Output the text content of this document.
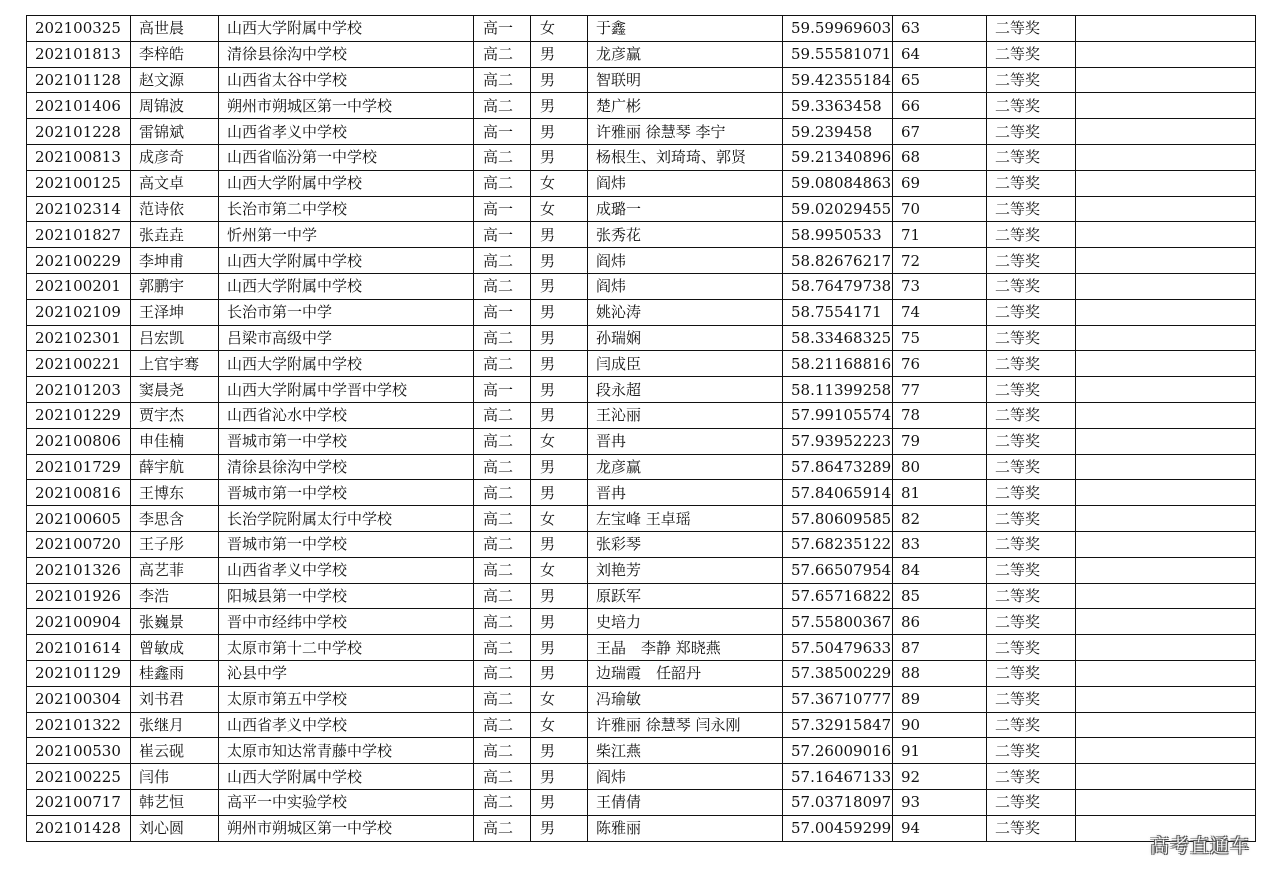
202100325	高世晨	山西大学附属中学校	高一	女	于鑫	59.59969603	63	二等奖	
202101813	李梓皓	清徐县徐沟中学校	高二	男	龙彦赢	59.55581071	64	二等奖	
202101128	赵文源	山西省太谷中学校	高二	男	智联明	59.42355184	65	二等奖	
202101406	周锦波	朔州市朔城区第一中学校	高二	男	楚广彬	59.3363458	66	二等奖	
202101228	雷锦斌	山西省孝义中学校	高一	男	许雅丽 徐慧琴 李宁	59.239458	67	二等奖	
202100813	成彦奇	山西省临汾第一中学校	高二	男	杨根生、刘琦琦、郭贤	59.21340896	68	二等奖	
202100125	高文卓	山西大学附属中学校	高二	女	阎炜	59.08084863	69	二等奖	
202102314	范诗依	长治市第二中学校	高一	女	成璐一	59.02029455	70	二等奖	
202101827	张垚垚	忻州第一中学	高一	男	张秀花	58.9950533	71	二等奖	
202100229	李坤甫	山西大学附属中学校	高二	男	阎炜	58.82676217	72	二等奖	
202100201	郭鹏宇	山西大学附属中学校	高二	男	阎炜	58.76479738	73	二等奖	
202102109	王泽坤	长治市第一中学	高一	男	姚沁涛	58.7554171	74	二等奖	
202102301	吕宏凯	吕梁市高级中学	高二	男	孙瑞娴	58.33468325	75	二等奖	
202100221	上官宇骞	山西大学附属中学校	高二	男	闫成臣	58.21168816	76	二等奖	
202101203	窦晨尧	山西大学附属中学晋中学校	高一	男	段永超	58.11399258	77	二等奖	
202101229	贾宇杰	山西省沁水中学校	高二	男	王沁丽	57.99105574	78	二等奖	
202100806	申佳楠	晋城市第一中学校	高二	女	晋冉	57.93952223	79	二等奖	
202101729	薛宇航	清徐县徐沟中学校	高二	男	龙彦赢	57.86473289	80	二等奖	
202100816	王博东	晋城市第一中学校	高二	男	晋冉	57.84065914	81	二等奖	
202100605	李思含	长治学院附属太行中学校	高二	女	左宝峰 王卓瑶	57.80609585	82	二等奖	
202100720	王子彤	晋城市第一中学校	高二	男	张彩琴	57.68235122	83	二等奖	
202101326	高艺菲	山西省孝义中学校	高二	女	刘艳芳	57.66507954	84	二等奖	
202101926	李浩	阳城县第一中学校	高二	男	原跃军	57.65716822	85	二等奖	
202100904	张巍景	晋中市经纬中学校	高二	男	史培力	57.55800367	86	二等奖	
202101614	曾敏成	太原市第十二中学校	高二	男	王晶　李静 郑晓燕	57.50479633	87	二等奖	
202101129	桂鑫雨	沁县中学	高二	男	边瑞霞　任韶丹	57.38500229	88	二等奖	
202100304	刘书君	太原市第五中学校	高二	女	冯瑜敏	57.36710777	89	二等奖	
202101322	张继月	山西省孝义中学校	高二	女	许雅丽 徐慧琴 闫永刚	57.32915847	90	二等奖	
202100530	崔云砚	太原市知达常青藤中学校	高二	男	柴江燕	57.26009016	91	二等奖	
202100225	闫伟	山西大学附属中学校	高二	男	阎炜	57.16467133	92	二等奖	
202100717	韩艺恒	高平一中实验学校	高二	男	王倩倩	57.03718097	93	二等奖	
202101428	刘心圆	朔州市朔城区第一中学校	高二	男	陈雅丽	57.00459299	94	二等奖	
高考直通车
